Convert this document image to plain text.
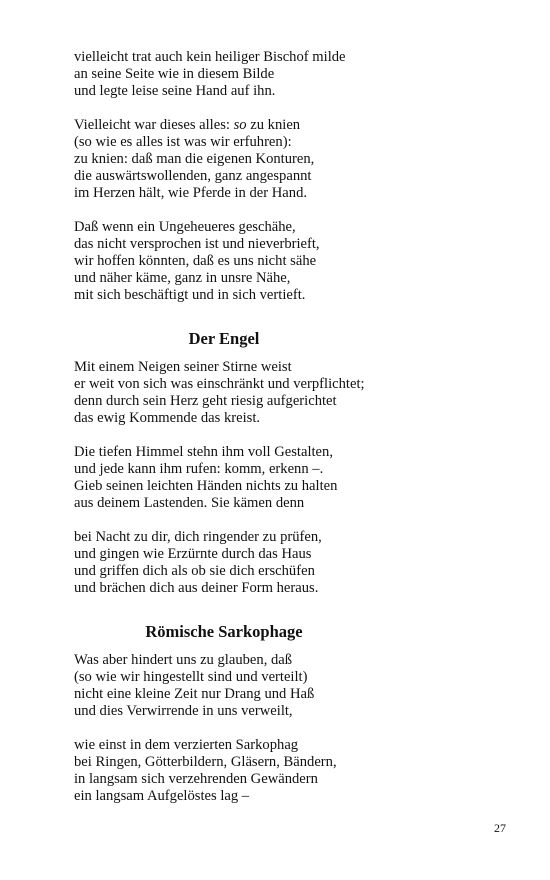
vielleicht trat auch kein heiliger Bischof milde
an seine Seite wie in diesem Bilde
und legte leise seine Hand auf ihn.

Vielleicht war dieses alles: so zu knien
(so wie es alles ist was wir erfuhren):
zu knien: daß man die eigenen Konturen,
die auswärtswollenden, ganz angespannt
im Herzen hält, wie Pferde in der Hand.

Daß wenn ein Ungeheueres geschähe,
das nicht versprochen ist und nieverbrieft,
wir hoffen könnten, daß es uns nicht sähe
und näher käme, ganz in unsre Nähe,
mit sich beschäftigt und in sich vertieft.

Der Engel

Mit einem Neigen seiner Stirne weist
er weit von sich was einschränkt und verpflichtet;
denn durch sein Herz geht riesig aufgerichtet
das ewig Kommende das kreist.

Die tiefen Himmel stehn ihm voll Gestalten,
und jede kann ihm rufen: komm, erkenn –.
Gieb seinen leichten Händen nichts zu halten
aus deinem Lastenden. Sie kämen denn

bei Nacht zu dir, dich ringender zu prüfen,
und gingen wie Erzürnte durch das Haus
und griffen dich als ob sie dich erschüfen
und brächen dich aus deiner Form heraus.

Römische Sarkophage

Was aber hindert uns zu glauben, daß
(so wie wir hingestellt sind und verteilt)
nicht eine kleine Zeit nur Drang und Haß
und dies Verwirrende in uns verweilt,

wie einst in dem verzierten Sarkophag
bei Ringen, Götterbildern, Gläsern, Bändern,
in langsam sich verzehrenden Gewändern
ein langsam Aufgelöstes lag –

27
